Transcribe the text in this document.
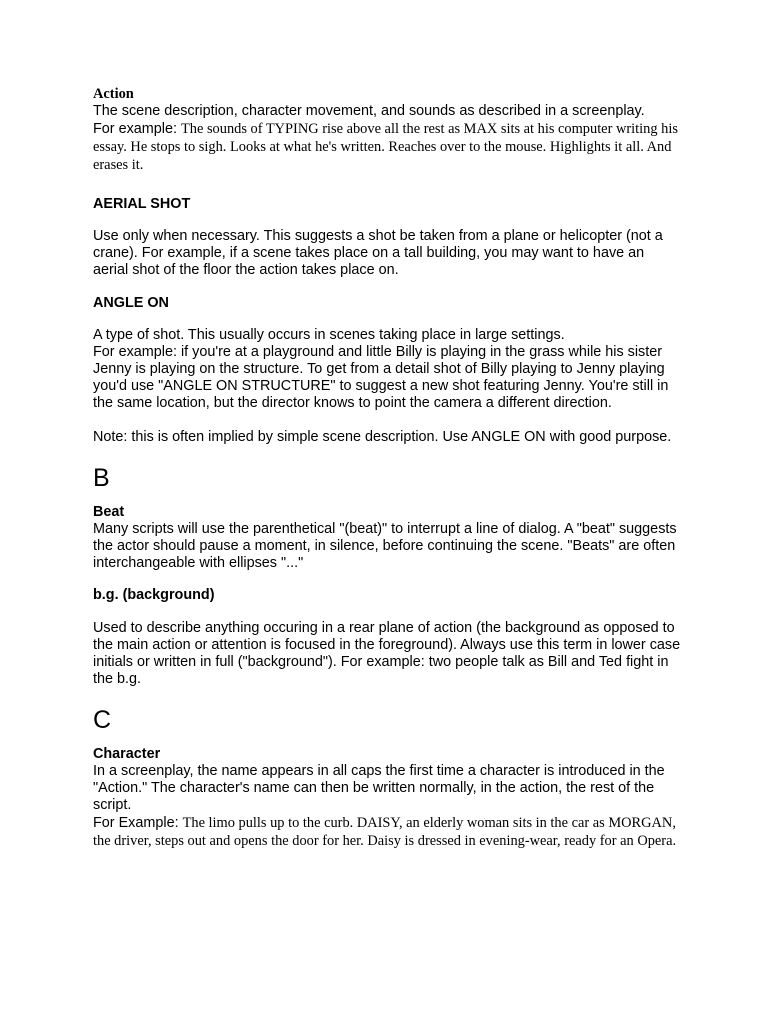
Action

The scene description, character movement, and sounds as described in a screenplay.

For example: The sounds of TYPING rise above all the rest as MAX sits at his computer writing his essay. He stops to sigh. Looks at what he's written. Reaches over to the mouse. Highlights it all. And erases it.

AERIAL SHOT

Use only when necessary. This suggests a shot be taken from a plane or helicopter (not a crane). For example, if a scene takes place on a tall building, you may want to have an aerial shot of the floor the action takes place on.

ANGLE ON

A type of shot. This usually occurs in scenes taking place in large settings.

For example: if you're at a playground and little Billy is playing in the grass while his sister Jenny is playing on the structure. To get from a detail shot of Billy playing to Jenny playing you'd use "ANGLE ON STRUCTURE" to suggest a new shot featuring Jenny. You're still in the same location, but the director knows to point the camera a different direction.

Note: this is often implied by simple scene description. Use ANGLE ON with good purpose.

B

Beat

Many scripts will use the parenthetical "(beat)" to interrupt a line of dialog. A "beat" suggests the actor should pause a moment, in silence, before continuing the scene. "Beats" are often interchangeable with ellipses "..."

b.g. (background)

Used to describe anything occuring in a rear plane of action (the background as opposed to the main action or attention is focused in the foreground). Always use this term in lower case initials or written in full ("background"). For example: two people talk as Bill and Ted fight in the b.g.

C

Character

In a screenplay, the name appears in all caps the first time a character is introduced in the "Action." The character's name can then be written normally, in the action, the rest of the script.

For Example: The limo pulls up to the curb. DAISY, an elderly woman sits in the car as MORGAN, the driver, steps out and opens the door for her. Daisy is dressed in evening-wear, ready for an Opera.
